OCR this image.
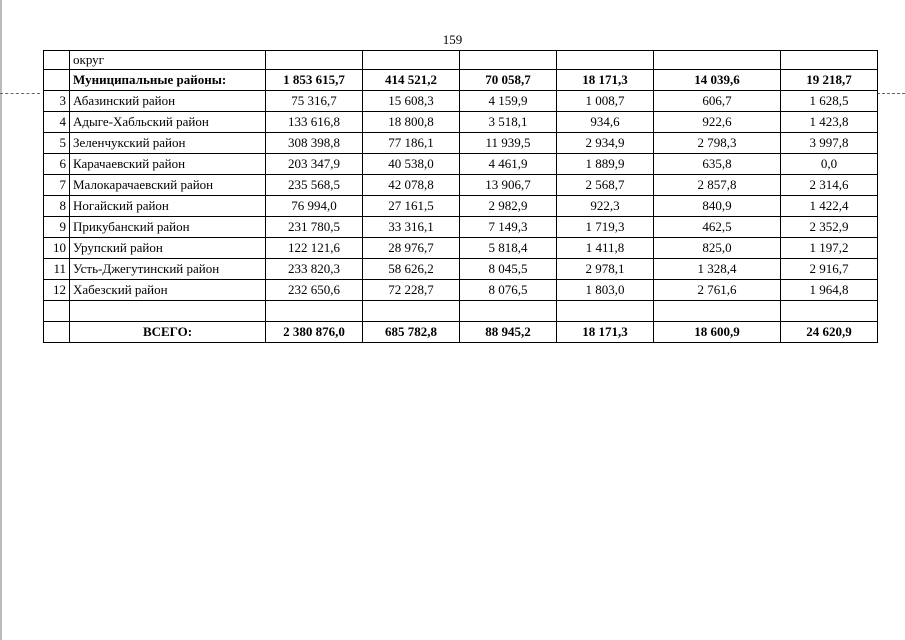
159
	округ						
	Муниципальные районы:	1 853 615,7	414 521,2	70 058,7	18 171,3	14 039,6	19 218,7
3	Абазинский район	75 316,7	15 608,3	4 159,9	1 008,7	606,7	1 628,5
4	Адыге-Хабльский район	133 616,8	18 800,8	3 518,1	934,6	922,6	1 423,8
5	Зеленчукский район	308 398,8	77 186,1	11 939,5	2 934,9	2 798,3	3 997,8
6	Карачаевский район	203 347,9	40 538,0	4 461,9	1 889,9	635,8	0,0
7	Малокарачаевский район	235 568,5	42 078,8	13 906,7	2 568,7	2 857,8	2 314,6
8	Ногайский район	76 994,0	27 161,5	2 982,9	922,3	840,9	1 422,4
9	Прикубанский район	231 780,5	33 316,1	7 149,3	1 719,3	462,5	2 352,9
10	Урупский район	122 121,6	28 976,7	5 818,4	1 411,8	825,0	1 197,2
11	Усть-Джегутинский район	233 820,3	58 626,2	8 045,5	2 978,1	1 328,4	2 916,7
12	Хабезский район	232 650,6	72 228,7	8 076,5	1 803,0	2 761,6	1 964,8

	ВСЕГО:	2 380 876,0	685 782,8	88 945,2	18 171,3	18 600,9	24 620,9
